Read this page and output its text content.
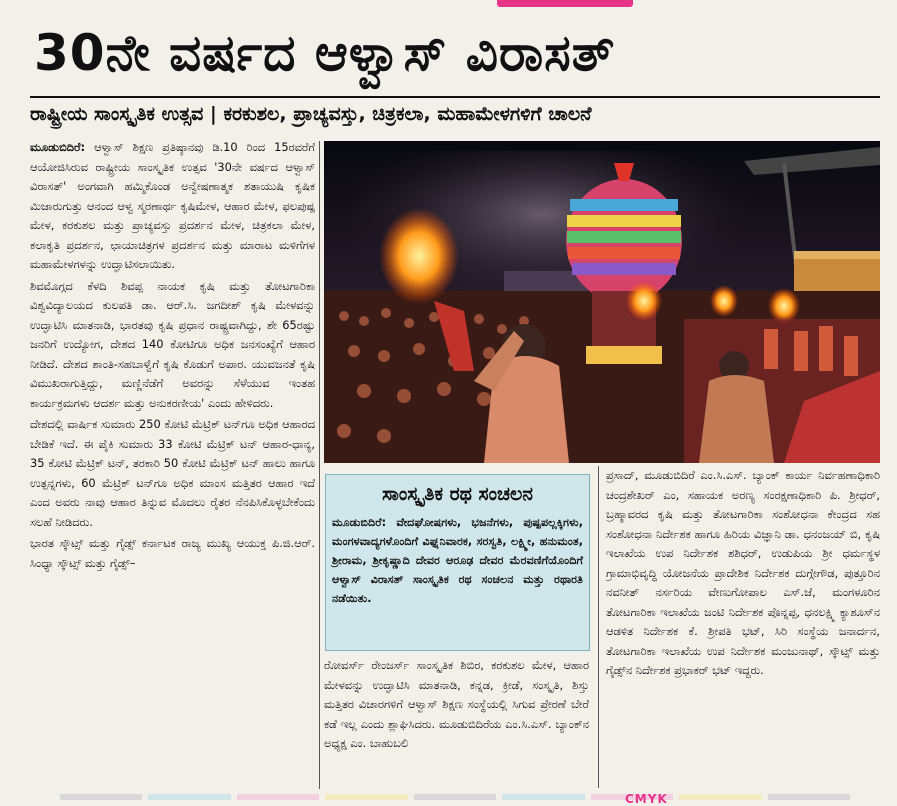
30ನೇ ವರ್ಷದ ಆಳ್ವಾಸ್ ವಿರಾಸತ್
ರಾಷ್ಟ್ರೀಯ ಸಾಂಸ್ಕೃತಿಕ ಉತ್ಸವ | ಕರಕುಶಲ, ಪ್ರಾಚ್ಯವಸ್ತು, ಚಿತ್ರಕಲಾ, ಮಹಾಮೇಳಗಳಿಗೆ ಚಾಲನೆ

ಮೂಡುಬಿದಿರೆ: ಆಳ್ವಾಸ್ ಶಿಕ್ಷಣ ಪ್ರತಿಷ್ಠಾನವು ಡಿ.10 ರಿಂದ 15ರವರೆಗೆ ಆಯೋಜಿಸಿರುವ ರಾಷ್ಟ್ರೀಯ ಸಾಂಸ್ಕೃತಿಕ ಉತ್ಸವ '30ನೇ ವರ್ಷದ ಆಳ್ವಾಸ್ ವಿರಾಸತ್' ಅಂಗವಾಗಿ ಹಮ್ಮಿಕೊಂಡ ಅನ್ವೇಷಣಾತ್ಮಕ ಶತಾಯುಷಿ ಕೃಷಿಕ ಮಿಜಾರುಗುತ್ತು ಆನಂದ ಆಳ್ವ ಸ್ಮರಣಾರ್ಥ ಕೃಷಿಮೇಳ, ಆಹಾರ ಮೇಳ, ಫಲಪುಷ್ಪ ಮೇಳ, ಕರಕುಶಲ ಮತ್ತು ಪ್ರಾಚ್ಯವಸ್ತು ಪ್ರದರ್ಶನ ಮೇಳ, ಚಿತ್ರಕಲಾ ಮೇಳ, ಕಲಾಕೃತಿ ಪ್ರದರ್ಶನ, ಛಾಯಾಚಿತ್ರಗಳ ಪ್ರದರ್ಶನ ಮತ್ತು ಮಾರಾಟ ಮಳಿಗೆಗಳ ಮಹಾಮೇಳಗಳನ್ನು ಉದ್ಘಾಟಿಸಲಾಯಿತು.

ಶಿವಮೊಗ್ಗದ ಕೆಳದಿ ಶಿವಪ್ಪ ನಾಯಕ ಕೃಷಿ ಮತ್ತು ತೋಟಗಾರಿಕಾ ವಿಶ್ವವಿದ್ಯಾಲಯದ ಕುಲಪತಿ ಡಾ. ಆರ್.ಸಿ. ಜಗದೀಶ್ ಕೃಷಿ ಮೇಳವನ್ನು ಉದ್ಘಾಟಿಸಿ ಮಾತನಾಡಿ, ಭಾರತವು ಕೃಷಿ ಪ್ರಧಾನ ರಾಷ್ಟ್ರವಾಗಿದ್ದು, ಶೇ 65ರಷ್ಟು ಜನರಿಗೆ ಉದ್ಯೋಗ, ದೇಶದ 140 ಕೋಟಿಗೂ ಅಧಿಕ ಜನಸಂಖ್ಯೆಗೆ ಆಹಾರ ನೀಡಿದೆ. ದೇಶದ ಶಾಂತಿ-ಸಹಬಾಳ್ವೆಗೆ ಕೃಷಿ ಕೊಡುಗೆ ಅಪಾರ. ಯುವಜನತೆ ಕೃಷಿ ವಿಮುಖರಾಗುತ್ತಿದ್ದು, ಮಣ್ಣಿನೆಡೆಗೆ ಅವರನ್ನು ಸೆಳೆಯುವ ಇಂತಹ ಕಾರ್ಯಕ್ರಮಗಳು ಆದರ್ಶ ಮತ್ತು ಅನುಕರಣೀಯ' ಎಂದು ಹೇಳಿದರು.

ದೇಶದಲ್ಲಿ ವಾರ್ಷಿಕ ಸುಮಾರು 250 ಕೋಟಿ ಮೆಟ್ರಿಕ್ ಟನ್‌ಗೂ ಅಧಿಕ ಆಹಾರದ ಬೇಡಿಕೆ ಇದೆ. ಈ ಪೈಕಿ ಸುಮಾರು 33 ಕೋಟಿ ಮೆಟ್ರಿಕ್ ಟನ್ ಆಹಾರ-ಧಾನ್ಯ, 35 ಕೋಟಿ ಮೆಟ್ರಿಕ್ ಟನ್, ತರಕಾರಿ 50 ಕೋಟಿ ಮೆಟ್ರಿಕ್ ಟನ್ ಹಾಲು ಹಾಗೂ ಉತ್ಪನ್ನಗಳು, 60 ಮೆಟ್ರಿಕ್ ಟನ್‌ಗೂ ಅಧಿಕ ಮಾಂಸ ಮತ್ತಿತರ ಆಹಾರ ಇದೆ ಎಂದ ಅವರು ನಾವು ಆಹಾರ ತಿನ್ನುವ ಮೊದಲು ರೈತರ ನೆನಪಿಸಿಕೊಳ್ಳಬೇಕೆಂದು ಸಲಹೆ ನೀಡಿದರು.

ಭಾರತ ಸ್ಕೌಟ್ಸ್ ಮತ್ತು ಗೈಡ್ಸ್ ಕರ್ನಾಟಕ ರಾಜ್ಯ ಮುಖ್ಯ ಆಯುಕ್ತ ಪಿ.ಜಿ.ಆರ್. ಸಿಂಧ್ಯಾ ಸ್ಕೌಟ್ಸ್ ಮತ್ತು ಗೈಡ್ಸ್–

ಸಾಂಸ್ಕೃತಿಕ ರಥ ಸಂಚಲನ
ಮೂಡುಬಿದಿರೆ: ವೇದಘೋಷಗಳು, ಭಜನೆಗಳು, ಪುಷ್ಪಪಲ್ಲಕ್ಕಿಗಳು, ಮಂಗಳವಾದ್ಯಗಳೊಂದಿಗೆ ವಿಘ್ನನಿವಾರಕ, ಸರಸ್ವತಿ, ಲಕ್ಷ್ಮೀ, ಹನುಮಂತ, ಶ್ರೀರಾಮ, ಶ್ರೀಕೃಷ್ಣಾದಿ ದೇವರ ಆರೂಢ ದೇವರ ಮೆರವಣಿಗೆಯೊಂದಿಗೆ ಆಳ್ವಾಸ್ ವಿರಾಸತ್ ಸಾಂಸ್ಕೃತಿಕ ರಥ ಸಂಚಲನ ಮತ್ತು ರಥಾರತಿ ನಡೆಯಿತು.

ರೋವರ್ಸ್ ರೇಂಜರ್ಸ್ ಸಾಂಸ್ಕೃತಿಕ ಶಿಬಿರ, ಕರಕುಶಲ ಮೇಳ, ಆಹಾರ ಮೇಳವನ್ನು ಉದ್ಘಾಟಿಸಿ ಮಾತನಾಡಿ, ಕನ್ನಡ, ಕ್ರೀಡೆ, ಸಂಸ್ಕೃತಿ, ಶಿಸ್ತು ಮತ್ತಿತರ ವಿಚಾರಗಳಿಗೆ ಆಳ್ವಾಸ್ ಶಿಕ್ಷಣ ಸಂಸ್ಥೆಯಲ್ಲಿ ಸಿಗುವ ಪ್ರೇರಣೆ ಬೇರೆ ಕಡೆ ಇಲ್ಲ ಎಂದು ಶ್ಲಾಘಿಸಿದರು. ಮೂಡುಬಿದಿರೆಯ ಎಂ.ಸಿ.ಎಸ್. ಬ್ಯಾಂಕ್‌ನ ಅಧ್ಯಕ್ಷ ಎಂ. ಬಾಹುಬಲಿ

ಪ್ರಸಾದ್, ಮೂಡುಬಿದಿರೆ ಎಂ.ಸಿ.ಎಸ್. ಬ್ಯಾಂಕ್ ಕಾರ್ಯ ನಿರ್ವಹಣಾಧಿಕಾರಿ ಚಂದ್ರಶೇಖರ್ ಎಂ, ಸಹಾಯಕ ಅರಣ್ಯ ಸಂರಕ್ಷಣಾಧಿಕಾರಿ ಪಿ. ಶ್ರೀಧರ್, ಬ್ರಹ್ಮಾವರದ ಕೃಷಿ ಮತ್ತು ತೋಟಗಾರಿಕಾ ಸಂಶೋಧನಾ ಕೇಂದ್ರದ ಸಹ ಸಂಶೋಧನಾ ನಿರ್ದೇಶಕ ಹಾಗೂ ಹಿರಿಯ ವಿಜ್ಞಾನಿ ಡಾ. ಧನಂಜಯ್ ಬಿ, ಕೃಷಿ ಇಲಾಖೆಯ ಉಪ ನಿರ್ದೇಶಕ ಶಶಿಧರ್, ಉಡುಪಿಯ ಶ್ರೀ ಧರ್ಮಸ್ಥಳ ಗ್ರಾಮಾಭಿವೃದ್ಧಿ ಯೋಜನೆಯ ಪ್ರಾದೇಶಿಕ ನಿರ್ದೇಶಕ ದುಗ್ಗೇಗೌಡ, ಪುತ್ತೂರಿನ ನವನೀತ್ ನರ್ಸರಿಯ ವೇಣುಗೋಪಾಲ ಎಸ್.ಜೆ, ಮಂಗಳೂರಿನ ತೋಟಗಾರಿಕಾ ಇಲಾಖೆಯ ಜಂಟಿ ನಿರ್ದೇಶಕ ಪೊನ್ನಪ್ಪ, ಧನಲಕ್ಷ್ಮಿ ಕ್ಯಾಶೂಸ್‌ನ ಆಡಳಿತ ನಿರ್ದೇಶಕ ಕೆ. ಶ್ರೀಪತಿ ಭಟ್, ಸಿರಿ ಸಂಸ್ಥೆಯ ಜನಾರ್ದನ, ತೋಟಗಾರಿಕಾ ಇಲಾಖೆಯ ಉಪ ನಿರ್ದೇಶಕ ಮಂಜುನಾಥ್, ಸ್ಕೌಟ್ಸ್ ಮತ್ತು ಗೈಡ್ಸ್‌ನ ನಿರ್ದೇಶಕ ಪ್ರಭಾಕರ್ ಭಟ್ ಇದ್ದರು.

CMYK
